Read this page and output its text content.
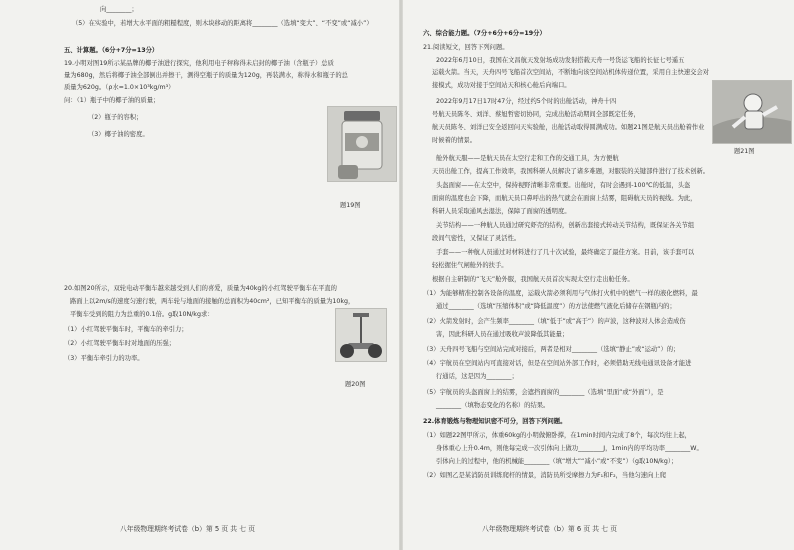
向________；
（5）在实验中，若增大水平面的粗糙程度，则木块移动的距离将________（选填“变大”、“不变”或“减小”）
五、计算题。（6分+7分=13分）
19.小明对图19所示某品牌的椰子油进行探究，他利用电子秤称得未启封的椰子油（含瓶子）总质
量为680g，然后将椰子油全部倒出并擦干，测得空瓶子的质量为120g，再装满水，称得水和瓶子的总
质量为620g。（ρ水=1.0×10³kg/m³）
问：（1）瓶子中的椰子油的质量；
（2）瓶子的容积；
（3）椰子油的密度。
题19图
20.如图20所示，双轮电动平衡车越来越受到人们的喜爱，质量为40kg的小红驾驶平衡车在平直的
路面上以2m/s的速度匀速行驶，两车轮与地面的接触的总面积为40cm²，已知平衡车的质量为10kg，
平衡车受到的阻力为总重的0.1倍。g取10N/kg求：
（1）小红驾驶平衡车时，平衡车的牵引力；
（2）小红驾驶平衡车时对地面的压强；
（3）平衡车牵引力的功率。
题20图
八年级物理期终考试卷（b）第 5 页 共 七 页
六、综合能力题。（7分+6分+6分=19分）
21.阅读短文，回答下列问题。
2022年6月10日，我国在文昌航天发射场成功发射搭载天舟一号货运飞船的长征七号遥五
运载火箭。当天，天舟四号飞船首次空间站，不断地向该空间站机体传递位置，采用自主快速交会对
接模式，成功对接于空间站天和核心舱后向端口。
2022年9月17日17时47分，经过约5个时的出舱活动，神舟十四
号航天员陈冬、刘洋、蔡旭哲密切协同，完成出舱活动期间全部既定任务，
航天员陈冬、刘洋已安全返回问天实验舱，出舱活动取得圆满成功。如题21图是航天员出舱着作业
时候着的情景。
题21图
舱外航天服——是航天员在太空行走和工作的交通工具，为方便航
天员出舱工作，提高工作效率，我国科研人员解决了诸多难题，对服装的关键部件进行了技术创新。
头盔面窗——在太空中，保持视野清晰非常重要。出舱时，有时会遇到-100℃的低温，头盔
面窗的温度也会下降，而航天员口鼻呼出的热气就会在面窗上结雾，阻碍航天员的视线。为此，
科研人员采取通风去湿法，保障了面窗的透明度。
关节结构——一种航人员通过研究虾壳的结构，创新出套接式转动关节结构，既保证各关节组
段间气密性，又保证了灵活性。
手套——一种航人员通过对材料进行了几十次试验，最终确定了最佳方案。目前，该手套可以
轻松握住气闸舱外的扶手。
根据自主研制的“飞天”舱外服，我国航天员首次实现太空行走出舱任务。
（1）为能够精准控制各设备的温度，运载火箭必须利用与气体打火机中的燃气一样的液化燃料，最
通过________（选填“压缩体积”或“降低温度”）的方法使燃气液化后储存在钢瓶内的；
（2）火箭发射时，会产生频率________（填“低于”或“高于”）的声波，这种波对人体会造成伤
害，因此科研人员在通过吸收声波降低其能量；
（3）天舟四号飞船与空间站完成对接后，两者是相对________（选填“静止”或“运动”）的；
（4）宇航员在空间站内可直接对话，但是在空间站外部工作时，必须借助无线电通讯设备才能进
行通话，这是因为________；
（5）宇航员的头盔面窗上的结雾，会遮挡面窗的________（选填“里面”或“外面”），是
________（填物态变化的名称）的结果。
22.体育锻炼与物理知识密不可分，回答下列问题。
（1）如题22图甲所示，体重60kg的小明做俯卧撑，在1min时间内完成了8个，每次均往上起，
身体重心上升0.4m，则他每完成一次引体向上做功________J，1min内的平均功率________W。
引体向上的过程中，他的机械能________（填“增大”“减小”或“不变”）（g取10N/kg）；
（2）如图乙是某消防员训练爬杆的情景，消防员所受摩擦力为F₁和F₂，当他匀速向上爬
八年级物理期终考试卷（b）第 6 页 共 七 页
